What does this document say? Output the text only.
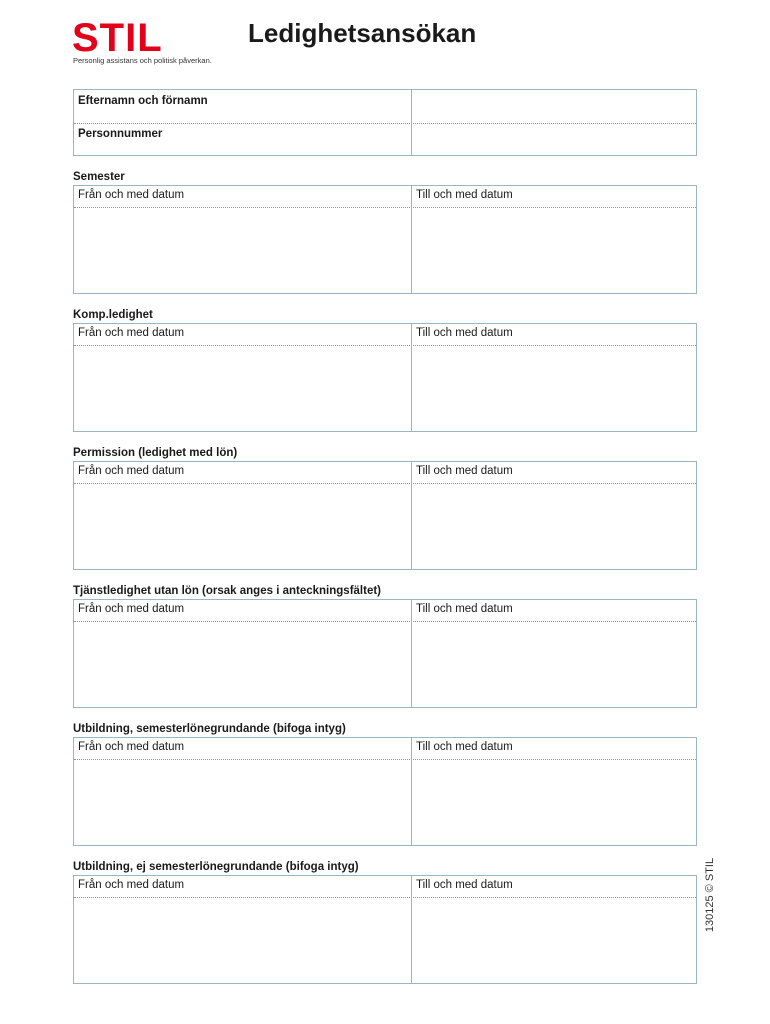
STIL
Personlig assistans och politisk påverkan.
Ledighetsansökan
Efternamn och förnamn
Personnummer
Semester
Från och med datum	Till och med datum
Komp.ledighet
Från och med datum	Till och med datum
Permission (ledighet med lön)
Från och med datum	Till och med datum
Tjänstledighet utan lön (orsak anges i anteckningsfältet)
Från och med datum	Till och med datum
Utbildning, semesterlönegrundande (bifoga intyg)
Från och med datum	Till och med datum
Utbildning, ej semesterlönegrundande (bifoga intyg)
Från och med datum	Till och med datum	130125 © STIL
